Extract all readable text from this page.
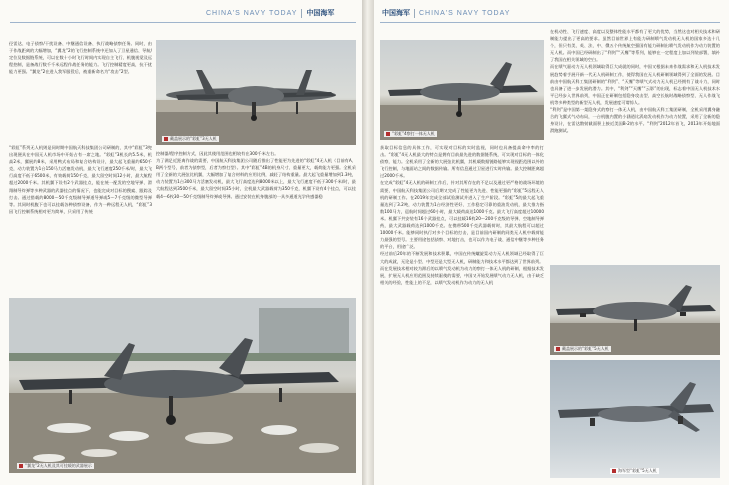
CHINA'S NAVY TODAY 中国海军

径雷达、电子侦察/干扰设备、中继通信设备、执行战略侦察任务。同时，由于作战距离的大幅增加，“翼龙”2的飞行控制系统中还加入了卫星通信、导航/定位及数据链系统，可以在数十小时飞行时间内实现自主飞行、机腹视觉及远程控制，是备战行数千千米远程作战任务的能力。飞行控制精度更高，抗干扰能力更强。“翼龙”2在进入我军服役后，被重新命名为“攻击”2型。

戴盖展示的“彩虹”3无人机

“彩虹”系列无人机则是同时期中国航天科技集团公司研制的，其中“彩虹”3兜出现便具在中国无人机市场中开始占有一席之地。“彩虹”3机长约5.5米，机高2米，翼展约8米，采用鸭式布局和复合结构设计，最大起飞重量约650千克，动力装置为1台150马力活塞发动机，最大飞行速度250千米/时，最大飞行高度不低于6500米，有效载荷150千克，最大留空时间12小时，最大航程超过2000千米。其机翼下设有2个武器挂点，能在统一配发的空地导弹、滑翔制导炸弹等多种武器的武器挂点的情况下，也能完成对目标的搜索、跟踪及打击。通过搭载约8000～50千克级制导弹道导弹或5～7千克级的微型导弹等。其同时机腹下也可以挂载各种侦察设备，作为一种远程无人机，“彩虹”3因飞行控制系统相对更为简单，只采用了传统

控制器/程序控制方式，因此其使用范围也相较有在300千米左右。

为了满足近距离作战的需要，中国航天科技集团公司随后推出了性能更为先进的“彩虹”4无人机（目前有A、B两个型号，前者为侦察型，后者为察打型）。其中“彩虹”4B的机身尺寸、重量更大，载荷能力更强。全机采用了全新的大展弦比机翼，大幅增加了复合材料的应用比例，减轻了结构重量。最大起飞重量增加到1.3吨，动力装置为1台300马力活塞发动机，最大飞行高度达到8000米以上，最大飞行速度不低于300千米/时，最大航程达到3500千米，最大留空时间35小时，全机最大武器载荷为350千克，机翼下设有4个挂点，可以挂载4～6枚30～50千克级制导炸弹或导弹。通过安装在机身腹部的一具多通道光学传感器稳

“翼龙”2无人机及其可挂载的武器展示
中国海军 CHINA'S NAVY TODAY
“彩虹”4察打一体无人机

获取目标信息的具体工作，可实现对目标的实时监视，同时也具备提高命中率的打击。“彩虹”4无人机最大的特点是拥有目前最先进的数据链系统，可实现对目标的一体化侦察，能力。全机采用了全新的大展弦比机翼，其机载数据链路能够实现视距范围以外的飞行控制，与地面站之间的数据传输。所有信息通过卫星进行实时传输。最大控制距离超过2000千米。

在完成“彩虹”4无人机的研制工作后，针对其所存在的不足以及通过更严格的战场环境的需要，中国航天科技集团公司后期又完成了性能更为先进、性能更强的“彩虹”5远程无人机的研制工作。在2019年完成全部试验测试并进入了生产阶段。“彩虹”5的最大起飞重量达到了3.2吨，动力装置为1台经济性更好、工作稳定可靠的重油发动机，最大推力指数100马力，巡航时间超过60小时，最大载荷高达1000千克。最大飞行高度超过10000米。机翼下共安装有16个武器挂点，可以挂载16枚20～200千克级的导弹、空地制导弹药，最大武器载荷达到1000千克。在携带500千克武器载荷时，其最大航程可以超过10000千米。能够同时执行对多个目标的打击，是目前国内研制的同类无人机中载荷能力最强的型号。主要用途包括侦察、对地打击，也可以作为电子战、通信中继等多种任务的平台，用途广泛。

经过前后20年的不断发展和技术积累，中国在传统螺旋桨动力无人机领域已经取得了巨大的成就，无论是小型、中型还是大型无人机，研制能力和技术水平都达到了世界前列。

而在发展技术相对较为滞后的以喷气发动机为动力的察打一体无人机的研制，根据技术发展，扩展无人机应用范围及持续驱使的需要，中国又开始发展喷气动力无人机，由于缺乏相关的经验，性能上的不足，以喷气发动机作为动力的无人机

在机动性、飞行速度、高度以及整体性能水平都有了更大的优势，当然这也对相关技术和研制能力提出了更高的要求。虽然目前世界上有能力研制喷气发动机无人机的国家多达十几个，但只有美、英、法、中、俄五个传统航空强国有能力研制出喷气发动机作为动力装置的无人机。而中国已经研制出了“利剑”“天鹰”等系列，能够在一定程度上加以列装部署，填补了我国在相关领域的空白。

而在喷气驱动力无人机领域取得巨大成就的同时，中国又根据未来作战需求和无人机技术发展趋势着手展开新一代无人机研制工作，使得我国在无人机研制领域得到了全面的发展。目前由中国航天科工集团研制的“利剑”、“天鹰”等喷气式动力无人机已经拥有了战斗力，同时也具备了进一步发展的潜力。其中，“利剑”“天鹰”“云影”的出现，标志着中国无人机技术水平已经步入世界前列，中国正在研制包括隐身攻击型、高空长航时战略侦察型、无人作战飞机等多种类型的新型无人机，发展速度可谓惊人。

“利剑”是中国第一架隐身式的察打一体无人机，由中国航天科工集团研制，全机采用翼身融合的飞翼式气动布局，一台机腹内置的小涵道比涡扇发动机作为动力装置，采用了全新的隐身设计，在雷达散射截面积上接近美国B-2的水平。“利剑”2012年首飞，2013年开始地面滑跑测试。

戴盖展示的“彩虹”5无人机
海军型“彩虹”5无人机
